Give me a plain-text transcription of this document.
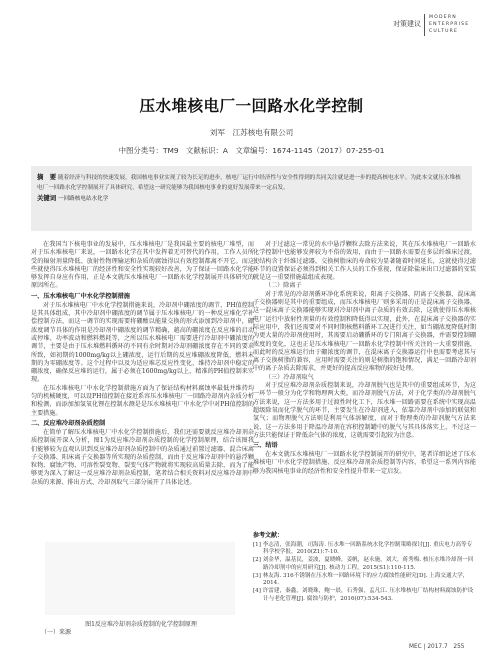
对策建议
MODERN
ENTERPRISE
CULTURE
压水堆核电厂一回路水化学控制
刘军　江苏核电有限公司
中图分类号：TM9　文献标识：A　文章编号：1674-1145（2017）07-255-01
摘　要 随着经济与科技的快速发展，我国核电事业实现了较为长足的进步，核电厂运行中经济性与安全性得到的共同关注就是进一步的提高核电水平。为此本文就压水堆核电厂一回路水化学控制展开了具体研究，希望这一研究能够为我国核电事业的更好发展带来一定启发。
关键词 一回路核电站水化学

在我国当下核电事业的发展中，压水堆核电厂是我国最主要的核电厂堆型，而对于压水堆核电厂来说，一回路水化学在其中发挥着无可替代的作用，工作人员所受的辐射剂量降低、放射性物理输运和杂质的腐蚀得以有效控制都离不开它。而这些就使得压水堆核电厂的经济性和安全性实现较好改善，为了保证一回路水化学能够发挥自身应有作用，正是本文就压水堆核电厂一回路水化学控制展开具体研究的原因所在。

一、压水堆核电厂中水化学控制措施

对于压水堆核电厂中水化学控制措施来说，冷却剂中硼浓度的调节、PH值控制是其具体组成，其中冷却剂中硼浓度的调节属于压水堆核电厂的一种反应堆化学补偿控制方法，而这一调节的实现需要将硼酸以能量交换的形式添加到冷却剂中，硼浓度调节具体的作用是冷却剂中硼浓度的调节精确，越高的硼浓度在反应堆的启动或停堆、功率波动和燃料燃耗等，之所以压水堆核电厂需要进行冷却剂中硼浓度的调节，主要是由于压水堆燃料循环的不同有余时期对冷却剂硼浓度存在不同的要求所致，如初期的1000mg/kg以上硼浓度，运行后期的反应堆硼浓度降低，燃料末期的为零硼浓度等。这个过程中以及为适应堆芯反应性变化，维持冷却剂中稳定的硼浓度，确保反应堆的运行，属于必须在1600mg/kg以上，精准的PH值控制来实现。

在压水堆核电厂中水化学控制措施方面为了保证结构材料腐蚀率最低并维持均匀的机械硬度，可以设PH值控制在接近系容压水堆核电厂一回路冷却剂内杂质分析和检测，而添加加氢氧化锂在控制水测是是压水堆核电厂中水化学中对PH值控制的主要措施。

二、反应堆冷却剂杂质控制

在简单了解压水堆核电厂中水化学控制措施后，我们还需要就反应堆冷却剂杂质控制展开深入分析，图1为反应堆冷却剂杂质控制的化学控制原理，结合该图我们能够较为直观认识到反应堆冷却剂杂质控制中的杂质通过前置过滤器、混合床离子交换器、阳床离子交换器等所实现的杂质控制，而由于反应堆冷却剂中的悬浮颗粒物、腐蚀产物、可溶性裂变物、裂变气体产物就将实现较高质量去除，而为了能够更为深入了解这一反应堆冷却剂杂质控制，笔者结合相关资料对反应堆冷却剂中杂质的来源、排出方式、冷却剂取气三部分展开了具体论述。

图1反应堆冷却剂杂质控制的化学控制原理
（一）来源

对于过滤这一常见的水中悬浮颗粒去除方法来说，其在压水堆核电厂一回路水化学控制中也能够发挥较为不俗的效用，而由于一回路水需要在多层纤维床过渡，使结构含于纤维过滤器，交换树脂床的寿命较为显著随着时间延长，这就使得过滤环节的设置保证必须得到相关工作人员的工作重视，保证除盐床出口过滤器的安装就是这一重要措施最组成表现。

（二）除离子

对于常见的冷却剂循环净化系统来说，阳离子交换器、阴离子交换器、混床离子交换器则是其中的重要组成，而压水堆核电厂则多采用的正是混床离子交换器，这一混床离子交换器能够实现对冷却剂中离子杂质的有效去除，这就使得压水堆核电厂运行中放射性剂量的有效控制和降低得以实现，此外，在混床离子交换器的实际应用中，我们还需要对不同时期核燃料循环工况进行关注，如当硼浓度降低时期为更大量的冷却剂使用时，其需要启动硼循环的专门阳离子交换器，并需要控制硼浓度的变化，这也正是压水堆核电厂一回路水化学控制中所关注的一大重要措施，而此时的反应堆运行由于硼浓度的调节，在混床离子交换器运行中也需要考虑其与离子交换树脂的兼容，应用时需要关注的则是树脂的饱和情况，满足一回路冷却剂中的离子杂质去除需求，并更好的提高反应堆物的较好处理。

（三）冷却剂取气

对于反应堆冷却剂杂质控制来说，冷却剂脱气也是其中的重要组成环节，为这一环节一般分为化学和物理两大类，而冷却剂脱气方法，对于化学类的冷却剂脱气方法来说，这一方法多用于过渡性时化工下，压水堆一回路需要在系统中实现高温超级除氧而化学脱气的环节，主要发生在冷却剂进入，依靠冷却剂中添加的联氨和氢气；而物理脱气方法则是利用气体溶解度，而对于物理类的冷却剂脱气方法来说，这一方法多用于降温冷却剂在容积控制罐中的脱气与其具体落实上，不过这一方法只能保证于降低杂气体的浓度，这就需要引起较为注意。

三、结语

在本文就压水堆核电厂一回路水化学控制展开的研究中，笔者详细论述了压水堆核电厂中水化学控制措施、反应堆冷却剂杂质控制等内容，希望这一系列内容能够为我国核电事业的经济性和安全性提升带来一定启发。

参考文献：

[1] 李志清，张海潮，司海涛. 压水堆一回路系统水化学控制策略探讨[J]. 重庆电力高等专科学校学报，2010(Z1):7-10.

[2] 刘金华，温基民，姜波，夏晓峰，姜帆，赵永施，刘大，蒋秀梅. 核压水堆冷却剂一回路冷却剂中的应用研究[J]. 核动力工程，2015(S1):110-115.

[3] 林友海. 316不锈钢在压水堆一回路环境下的应力腐蚀性能研究[D]. 上海交通大学，2014.

[4] 许雷建，秦鑫，刘晓珠，鲍一晨，石秀强，孟凡江. 压水堆核电厂结构材料腐蚀防护设计与老化管理[J]. 腐蚀与防护，2016(07):534-543.

MEC | 2017.7　255
